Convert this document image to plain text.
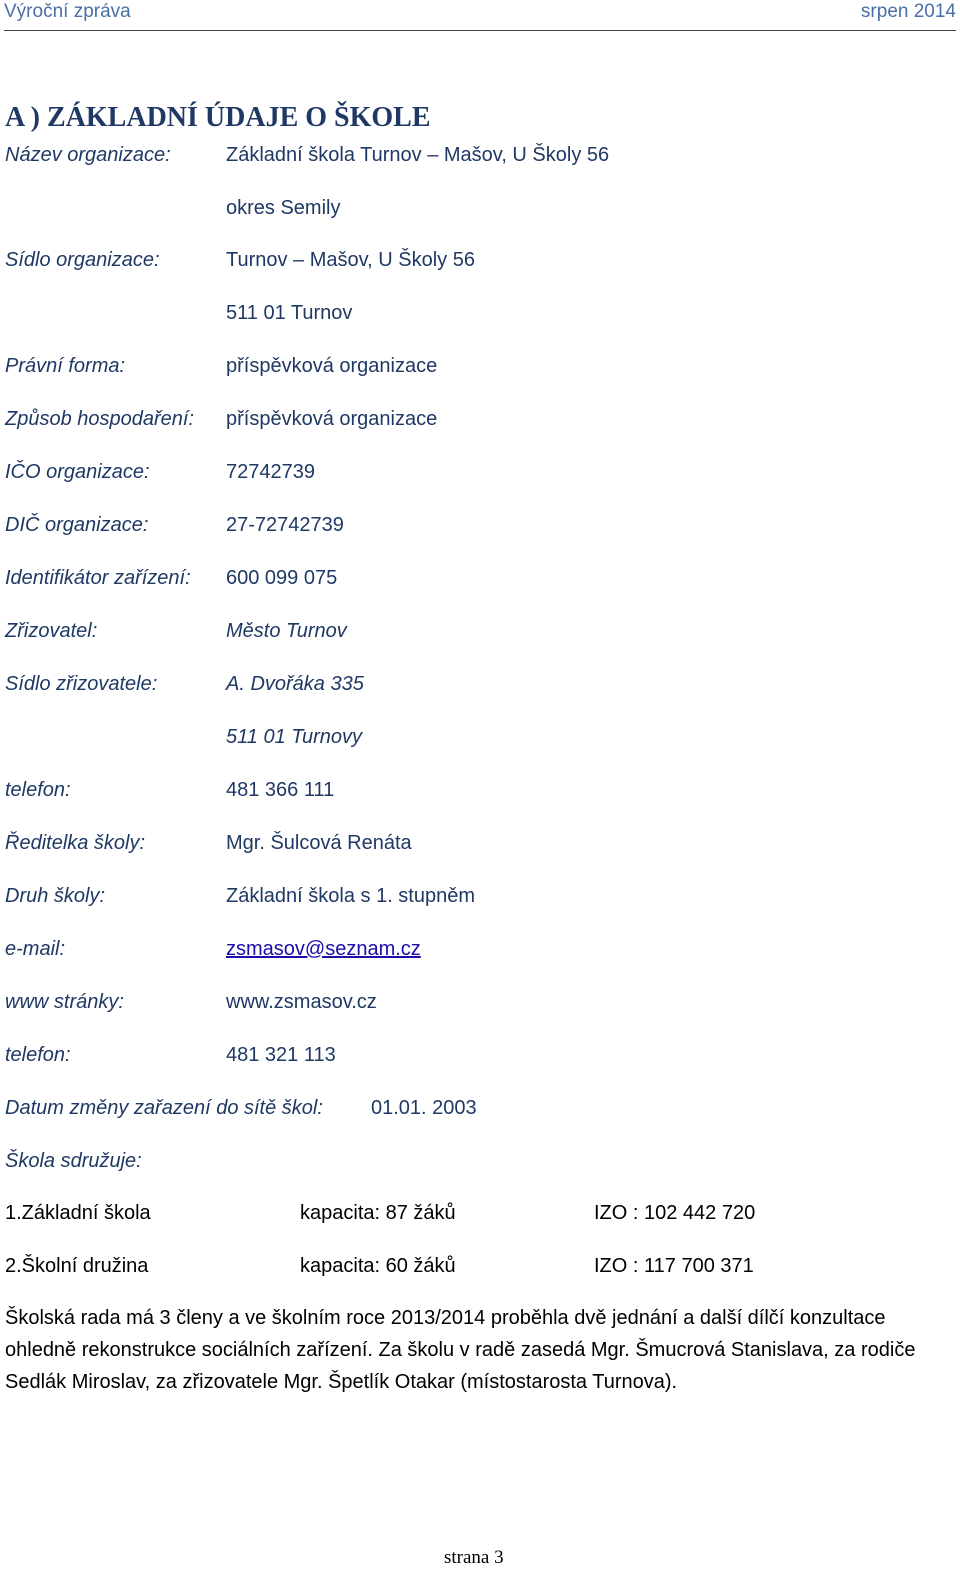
Výroční zpráva	srpen 2014
A ) ZÁKLADNÍ ÚDAJE O ŠKOLE
Název organizace:	Základní škola Turnov – Mašov, U Školy 56
okres Semily
Sídlo organizace:	Turnov – Mašov, U Školy 56
511 01 Turnov
Právní forma:	příspěvková organizace
Způsob hospodaření: příspěvková organizace
IČO organizace:	72742739
DIČ organizace:	27-72742739
Identifikátor zařízení: 600 099 075
Zřizovatel:	Město Turnov
Sídlo zřizovatele:	A. Dvořáka 335
511 01 Turnovy
telefon:	481 366 111
Ředitelka školy:	Mgr. Šulcová Renáta
Druh školy:	Základní škola s 1. stupněm
e-mail:	zsmasov@seznam.cz
www stránky:	www.zsmasov.cz
telefon:	481 321 113
Datum změny zařazení do sítě škol: 01.01. 2003
Škola sdružuje:
1.Základní škola	kapacita: 87 žáků	IZO : 102 442 720
2.Školní družina	kapacita: 60 žáků	IZO : 117 700 371
Školská rada má 3 členy a ve školním roce 2013/2014 proběhla dvě jednání a další dílčí konzultace
ohledně rekonstrukce sociálních zařízení. Za školu v radě zasedá Mgr. Šmucrová Stanislava, za rodiče
Sedlák Miroslav, za zřizovatele Mgr. Špetlík Otakar (místostarosta Turnova).
strana 3
